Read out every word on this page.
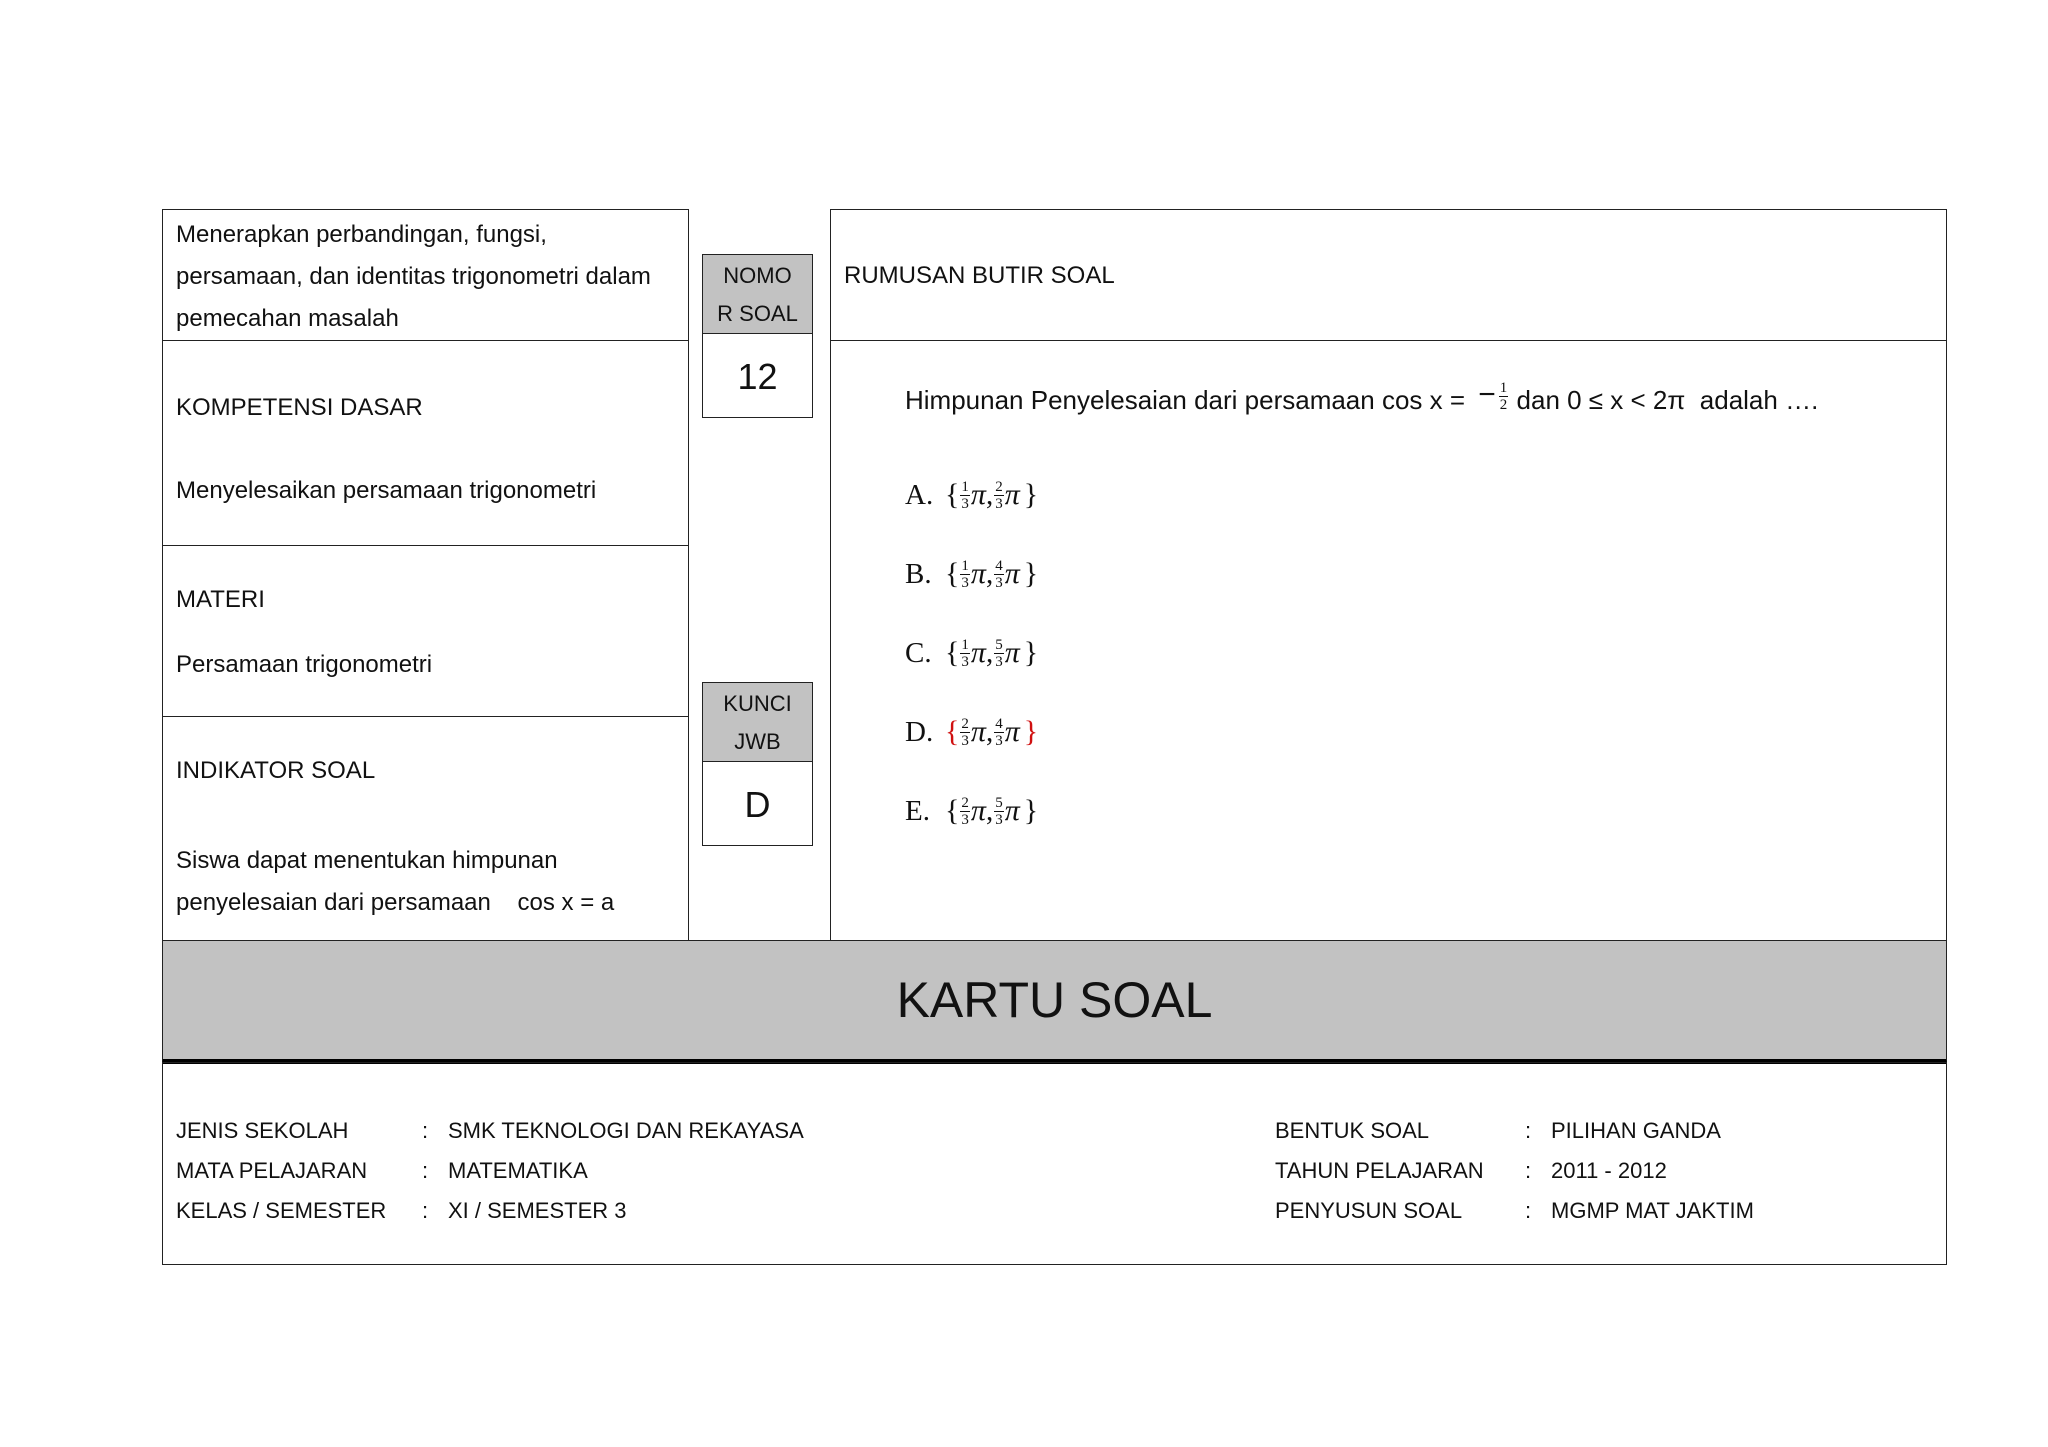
Menerapkan perbandingan, fungsi,
persamaan, dan identitas trigonometri dalam
pemecahan masalah
KOMPETENSI DASAR
Menyelesaikan persamaan trigonometri
MATERI
Persamaan trigonometri
INDIKATOR SOAL
Siswa dapat menentukan himpunan
penyelesaian dari persamaan    cos x = a
NOMO
R SOAL
12
KUNCI
JWB
D
RUMUSAN BUTIR SOAL
Himpunan Penyelesaian dari persamaan cos x = − $\frac{1}{2}$ dan 0 ≤ x < 2π  adalah ….
A. { $\frac{1}{3}$ π , $\frac{2}{3}$ π }
B. { $\frac{1}{3}$ π , $\frac{4}{3}$ π }
C. { $\frac{1}{3}$ π , $\frac{5}{3}$ π }
D. { $\frac{2}{3}$ π , $\frac{4}{3}$ π }
E. { $\frac{2}{3}$ π , $\frac{5}{3}$ π }
KARTU SOAL
JENIS SEKOLAH	: SMK TEKNOLOGI DAN REKAYASA
MATA PELAJARAN : MATEMATIKA
KELAS / SEMESTER : XI / SEMESTER 3
BENTUK SOAL	: PILIHAN GANDA
TAHUN PELAJARAN : 2011 - 2012
PENYUSUN SOAL	: MGMP MAT JAKTIM
